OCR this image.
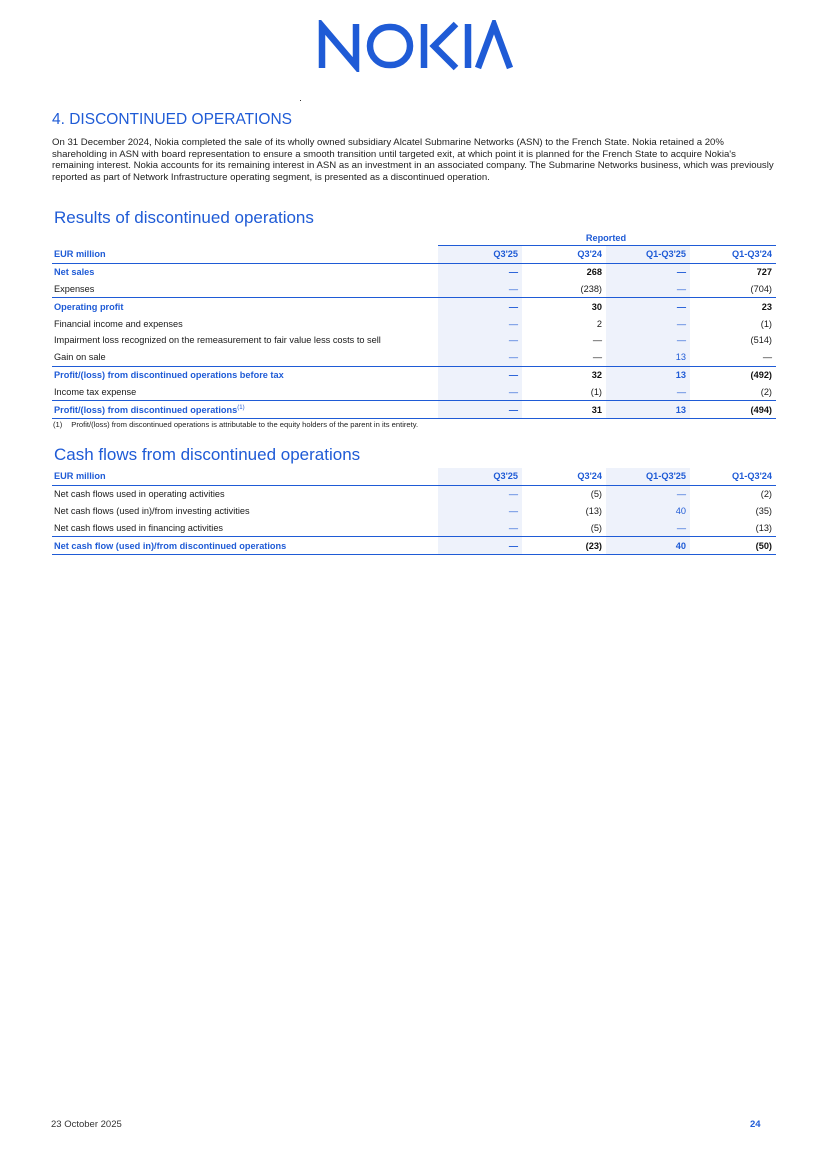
4. DISCONTINUED OPERATIONS

On 31 December 2024, Nokia completed the sale of its wholly owned subsidiary Alcatel Submarine Networks (ASN) to the French State. Nokia retained a 20% shareholding in ASN with board representation to ensure a smooth transition until targeted exit, at which point it is planned for the French State to acquire Nokia's remaining interest. Nokia accounts for its remaining interest in ASN as an investment in an associated company. The Submarine Networks business, which was previously reported as part of Network Infrastructure operating segment, is presented as a discontinued operation.

Results of discontinued operations
	Reported			
EUR million	Q3'25	Q3'24	Q1-Q3'25	Q1-Q3'24
Net sales	—	268	—	727
Expenses	—	(238)	—	(704)
Operating profit	—	30	—	23
Financial income and expenses	—	2	—	(1)
Impairment loss recognized on the remeasurement to fair value less costs to sell	—	—	—	(514)
Gain on sale	—	—	13	—
Profit/(loss) from discontinued operations before tax	—	32	13	(492)
Income tax expense	—	(1)	—	(2)
Profit/(loss) from discontinued operations$^{(1)}$	—	31	13	(494)
(1) Profit/(loss) from discontinued operations is attributable to the equity holders of the parent in its entirety.
Cash flows from discontinued operations
EUR million	Q3'25	Q3'24	Q1-Q3'25	Q1-Q3'24
Net cash flows used in operating activities	—	(5)	—	(2)
Net cash flows (used in)/from investing activities	—	(13)	40	(35)
Net cash flows used in financing activities	—	(5)	—	(13)
Net cash flow (used in)/from discontinued operations	—	(23)	40	(50)
23 October 2025	24
